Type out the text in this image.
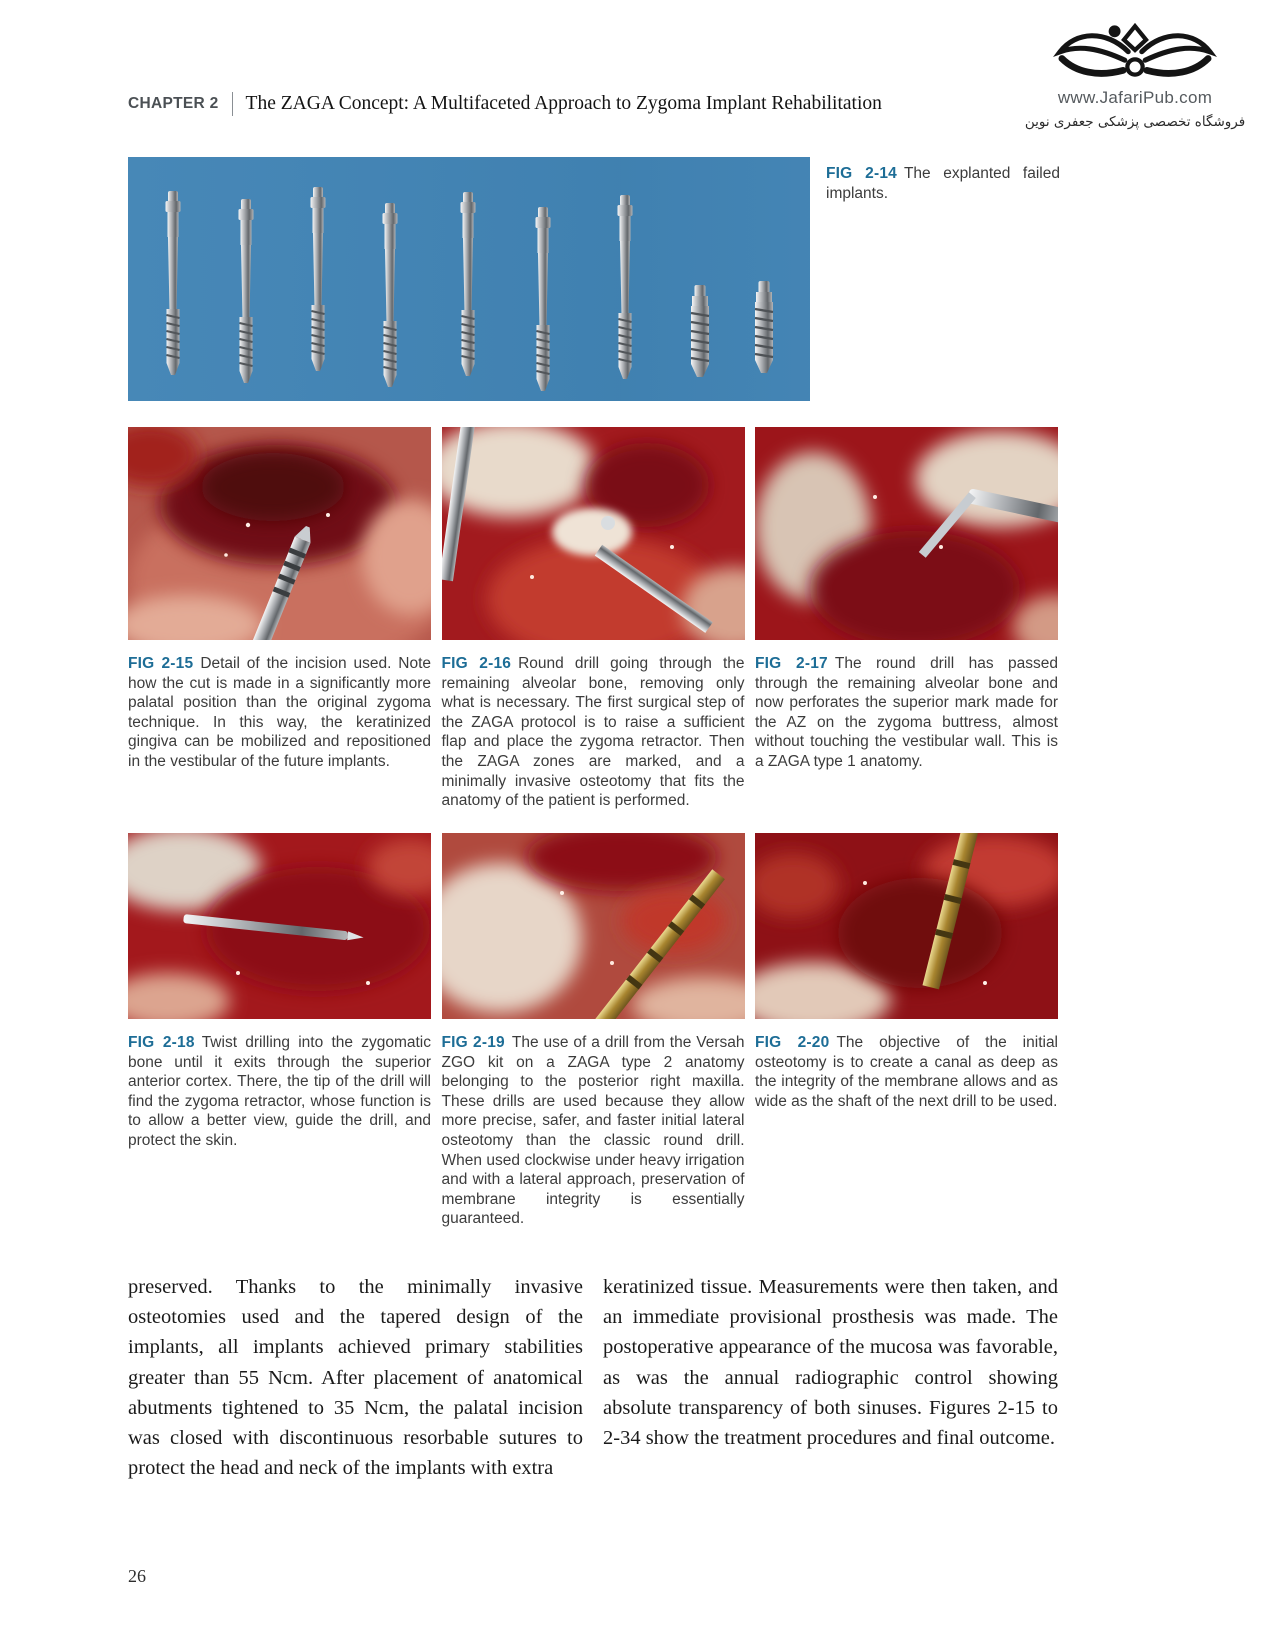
CHAPTER 2 The ZAGA Concept: A Multifaceted Approach to Zygoma Implant Rehabilitation	www.JafariPub.com
فروشگاه تخصصی پزشکی جعفری نوین
FIG 2-14 The explanted failed implants.
FIG 2-15 Detail of the incision used. Note how the cut is made in a significantly more palatal position than the original zygoma technique. In this way, the keratinized gingiva can be mobilized and repositioned in the vestibular of the future implants.
FIG 2-16 Round drill going through the remaining alveolar bone, removing only what is necessary. The first surgical step of the ZAGA protocol is to raise a sufficient flap and place the zygoma retractor. Then the ZAGA zones are marked, and a minimally invasive osteotomy that fits the anatomy of the patient is performed.
FIG 2-17 The round drill has passed through the remaining alveolar bone and now perforates the superior mark made for the AZ on the zygoma buttress, almost without touching the vestibular wall. This is a ZAGA type 1 anatomy.
FIG 2-18 Twist drilling into the zygomatic bone until it exits through the superior anterior cortex. There, the tip of the drill will find the zygoma retractor, whose function is to allow a better view, guide the drill, and protect the skin.
FIG 2-19 The use of a drill from the Versah ZGO kit on a ZAGA type 2 anatomy belonging to the posterior right maxilla. These drills are used because they allow more precise, safer, and faster initial lateral osteotomy than the classic round drill. When used clockwise under heavy irrigation and with a lateral approach, preservation of membrane integrity is essentially guaranteed.
FIG 2-20 The objective of the initial osteotomy is to create a canal as deep as the integrity of the membrane allows and as wide as the shaft of the next drill to be used.

preserved. Thanks to the minimally invasive osteotomies used and the tapered design of the implants, all implants achieved primary stabilities greater than 55 Ncm. After placement of anatomical abutments tightened to 35 Ncm, the palatal incision was closed with discontinuous resorbable sutures to protect the head and neck of the implants with extra

keratinized tissue. Measurements were then taken, and an immediate provisional prosthesis was made. The postoperative appearance of the mucosa was favorable, as was the annual radiographic control showing absolute transparency of both sinuses. Figures 2-15 to 2-34 show the treatment procedures and final outcome.

26
